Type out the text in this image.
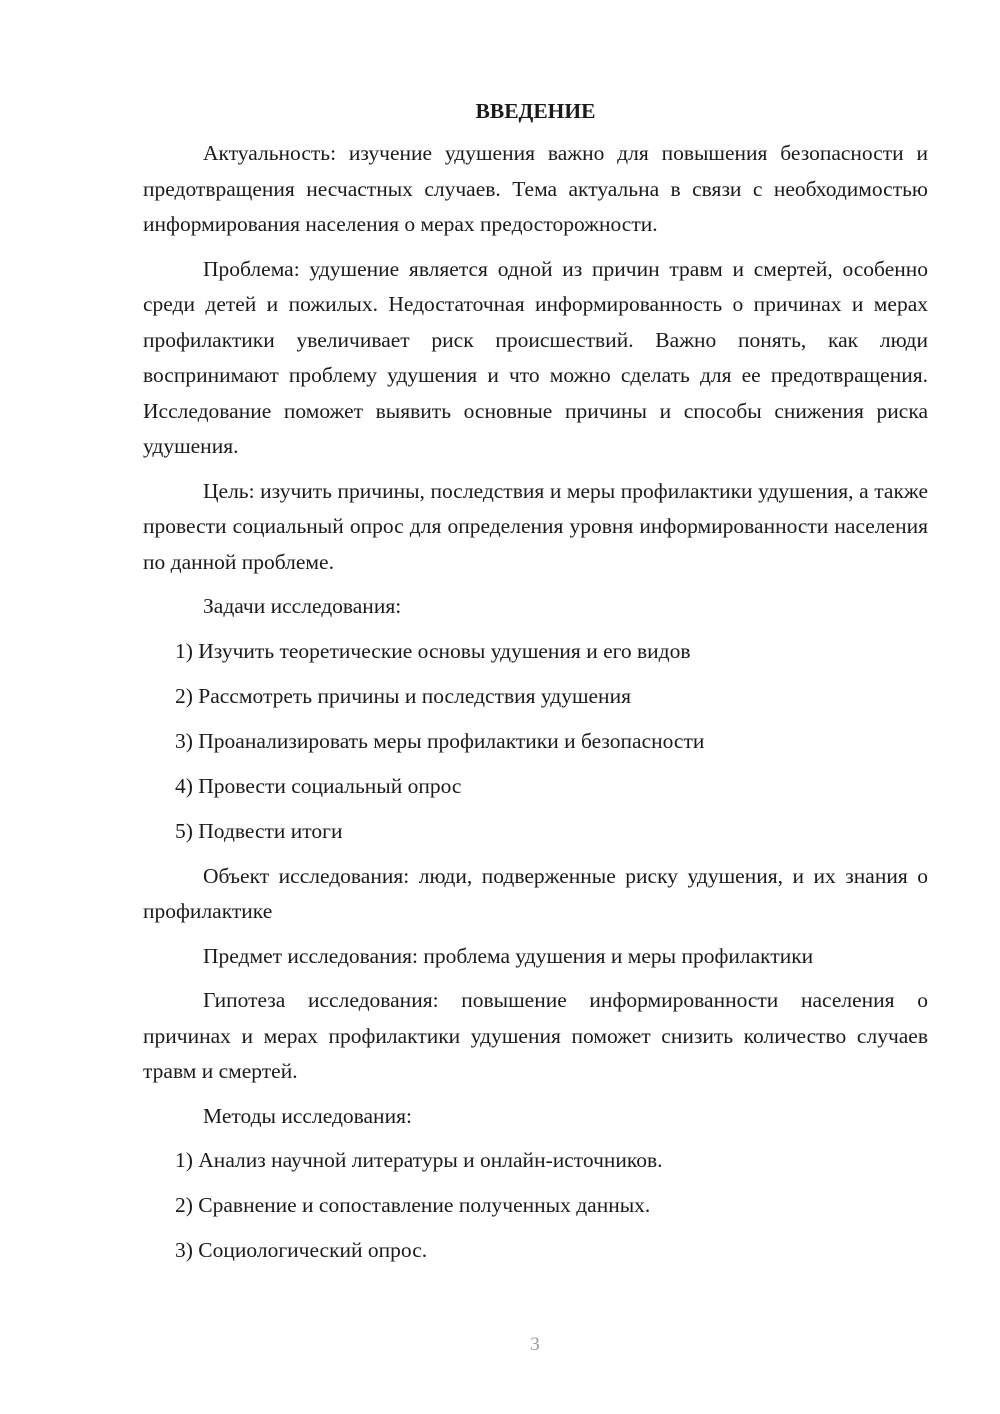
ВВЕДЕНИЕ

Актуальность: изучение удушения важно для повышения безопасности и предотвращения несчастных случаев. Тема актуальна в связи с необходимостью информирования населения о мерах предосторожности.

Проблема: удушение является одной из причин травм и смертей, особенно среди детей и пожилых. Недостаточная информированность о причинах и мерах профилактики увеличивает риск происшествий. Важно понять, как люди воспринимают проблему удушения и что можно сделать для ее предотвращения. Исследование поможет выявить основные причины и способы снижения риска удушения.

Цель: изучить причины, последствия и меры профилактики удушения, а также провести социальный опрос для определения уровня информированности населения по данной проблеме.

Задачи исследования:

1) Изучить теоретические основы удушения и его видов

2) Рассмотреть причины и последствия удушения

3) Проанализировать меры профилактики и безопасности

4) Провести социальный опрос

5) Подвести итоги

Объект исследования: люди, подверженные риску удушения, и их знания о профилактике

Предмет исследования: проблема удушения и меры профилактики

Гипотеза исследования: повышение информированности населения о причинах и мерах профилактики удушения поможет снизить количество случаев травм и смертей.

Методы исследования:

1) Анализ научной литературы и онлайн-источников.

2) Сравнение и сопоставление полученных данных.

3) Социологический опрос.

3
